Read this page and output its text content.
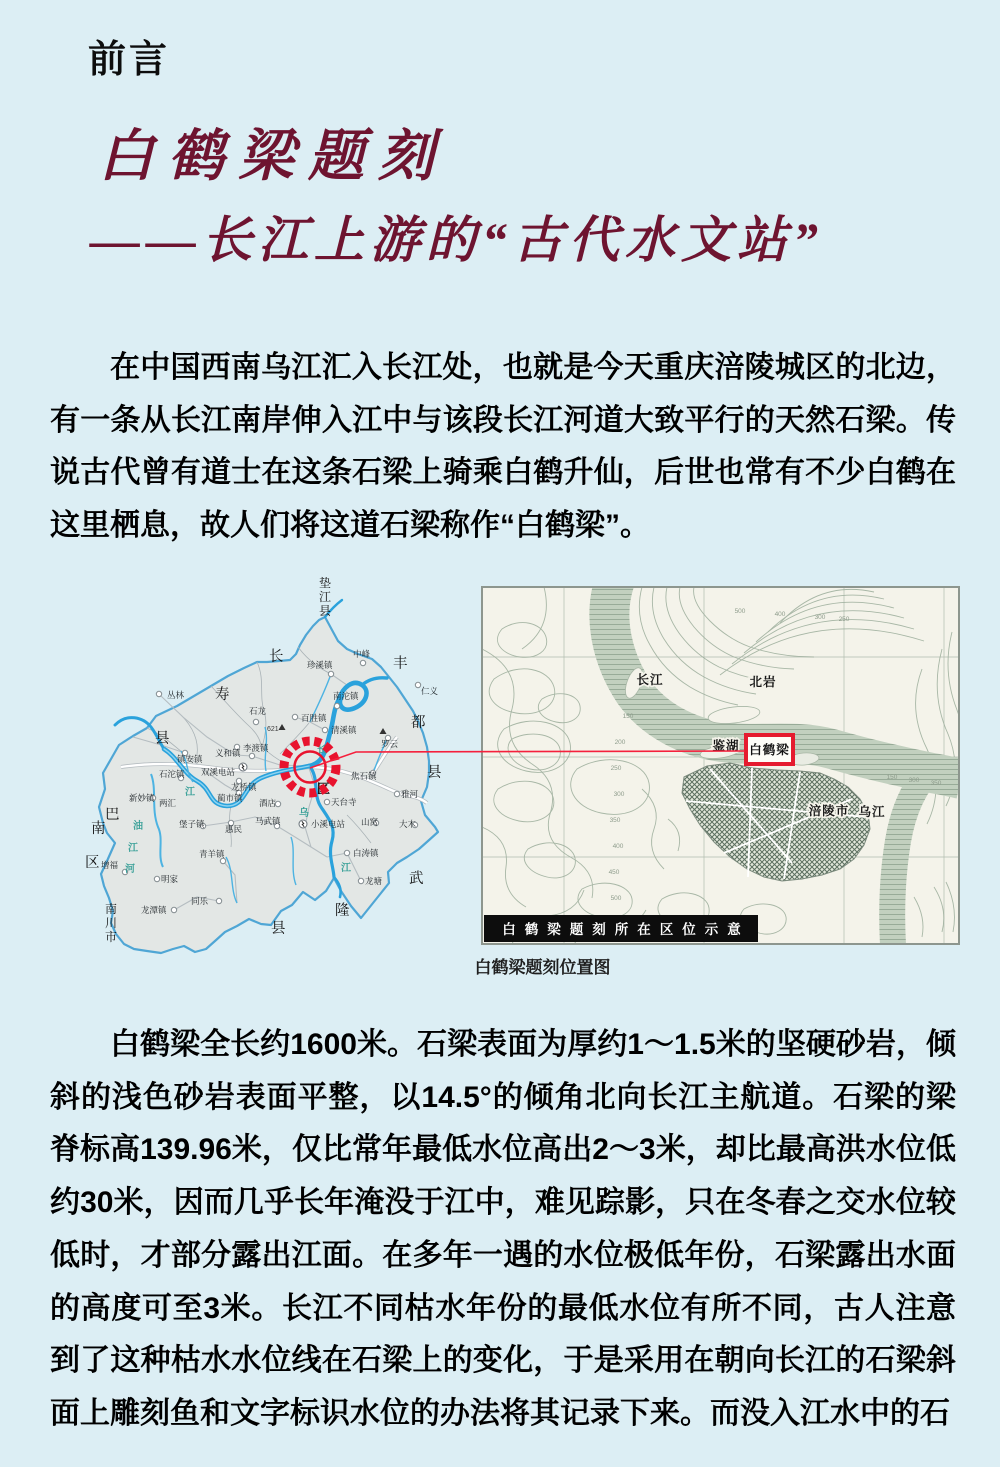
前言
白鹤梁题刻
——长江上游的“古代水文站”

在中国西南乌江汇入长江处，也就是今天重庆涪陵城区的北边，有一条从长江南岸伸入江中与该段长江河道大致平行的天然石梁。传说古代曾有道士在这条石梁上骑乘白鹤升仙，后世也常有不少白鹤在这里栖息，故人们将这道石梁称作“白鹤梁”。

丛林
石龙
珍溪镇
中峰
南沱镇	仁义
百胜镇
清溪镇
罗云
焦石镇
雅河
义和镇
镇安镇
石沱镇 双溪电站
李渡镇
龙桥镇
蔺市镇
新妙镇 两汇
堡子镇 惠民
马武镇
酒店
小溪电站
天台寺
山窝 大木
白涛镇
龙塘
青羊镇
同乐
明家
龙潭镇
增福
长
江
乌
江
油
江
河
垫
江
县
长
寿
县
丰
都
县
巴
南
区
南
川
市
武
隆
县
区
621
500	400	300 250
150
200
250
300
350
400
450
500
150 300 350
长江	北岩
鉴湖
涪陵市 乌江
白鹤梁
白鹤梁题刻所在区位示意
白鹤梁题刻位置图

白鹤梁全长约1600米。石梁表面为厚约1～1.5米的坚硬砂岩，倾斜的浅色砂岩表面平整，以14.5°的倾角北向长江主航道。石梁的梁脊标高139.96米，仅比常年最低水位高出2～3米，却比最高洪水位低约30米，因而几乎长年淹没于江中，难见踪影，只在冬春之交水位较低时，才部分露出江面。在多年一遇的水位极低年份，石梁露出水面的高度可至3米。长江不同枯水年份的最低水位有所不同，古人注意到了这种枯水水位线在石梁上的变化，于是采用在朝向长江的石梁斜面上雕刻鱼和文字标识水位的办法将其记录下来。而没入江水中的石
